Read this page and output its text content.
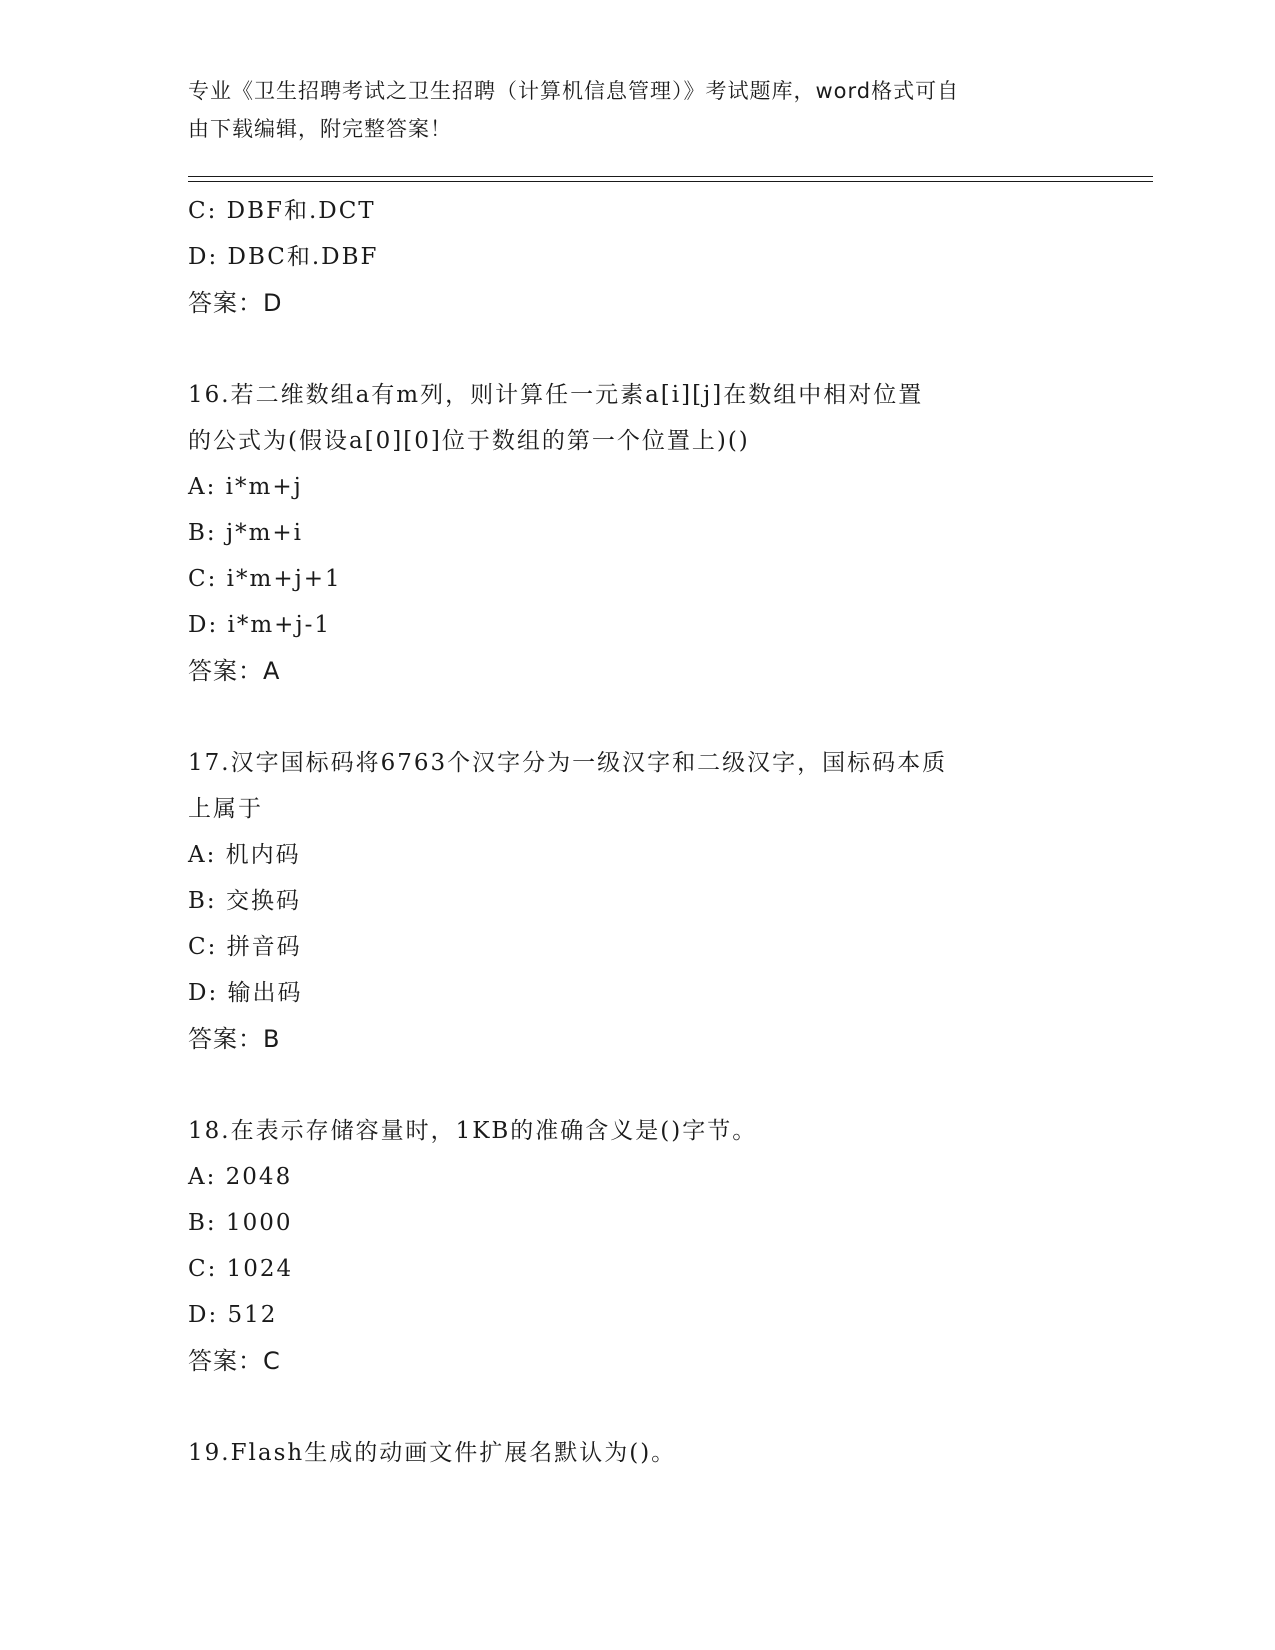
专业《卫生招聘考试之卫生招聘（计算机信息管理）》考试题库，word格式可自
由下载编辑，附完整答案！
C: DBF和.DCT
D: DBC和.DBF
答案：D
16.若二维数组a有m列，则计算任一元素a[i][j]在数组中相对位置
的公式为(假设a[0][0]位于数组的第一个位置上)()
A: i*m+j
B: j*m+i
C: i*m+j+1
D: i*m+j-1
答案：A
17.汉字国标码将6763个汉字分为一级汉字和二级汉字，国标码本质
上属于
A: 机内码
B: 交换码
C: 拼音码
D: 输出码
答案：B
18.在表示存储容量时，1KB的准确含义是()字节。
A: 2048
B: 1000
C: 1024
D: 512
答案：C
19.Flash生成的动画文件扩展名默认为()。
